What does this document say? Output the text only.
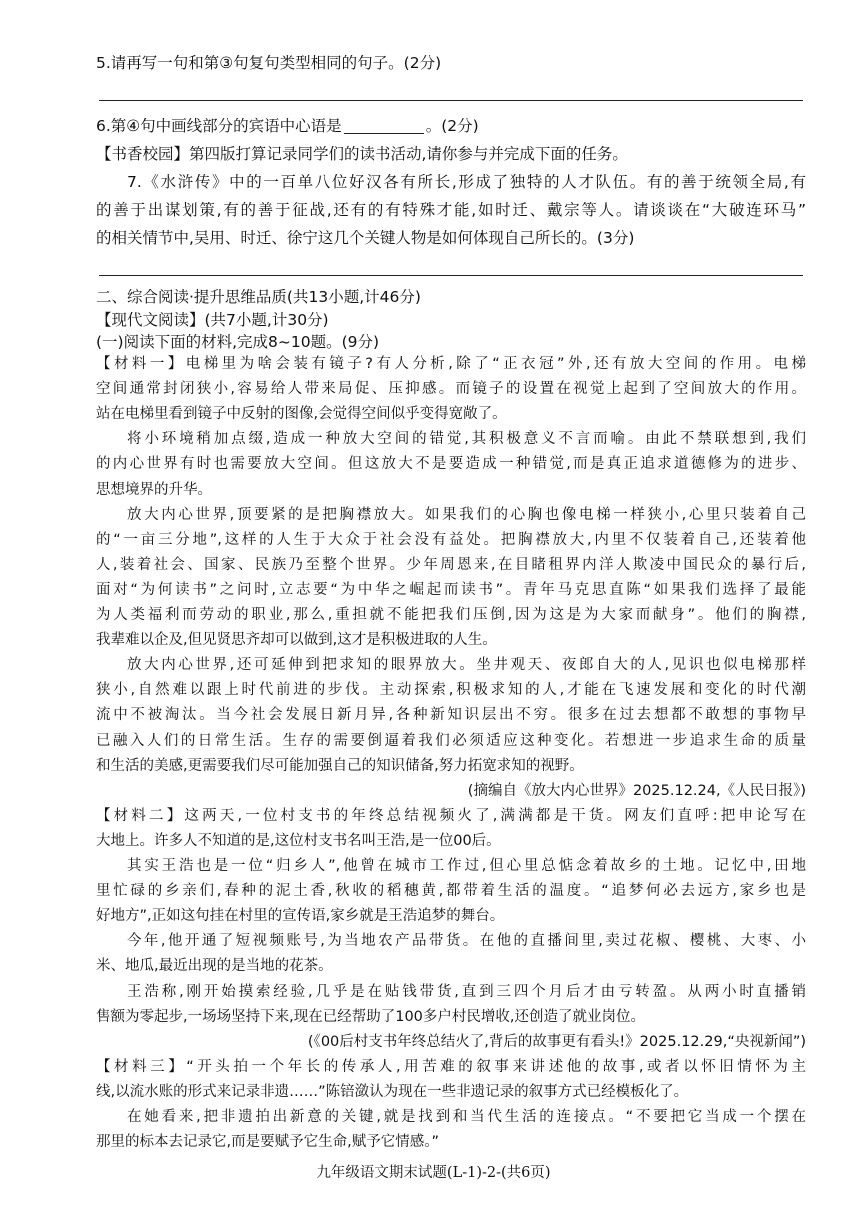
5.请再写一句和第③句复句类型相同的句子。(2分)
6.第④句中画线部分的宾语中心语是	。(2分)
【书香校园】第四版打算记录同学们的读书活动,请你参与并完成下面的任务。
7.《水浒传》中的一百单八位好汉各有所长,形成了独特的人才队伍。有的善于统领全局,有
的善于出谋划策,有的善于征战,还有的有特殊才能,如时迁、戴宗等人。请谈谈在“大破连环马”
的相关情节中,吴用、时迁、徐宁这几个关键人物是如何体现自己所长的。(3分)
二、综合阅读·提升思维品质(共13小题,计46分)
【现代文阅读】(共7小题,计30分)
(一)阅读下面的材料,完成8~10题。(9分)
【材料一】电梯里为啥会装有镜子?有人分析,除了“正衣冠”外,还有放大空间的作用。电梯
空间通常封闭狭小,容易给人带来局促、压抑感。而镜子的设置在视觉上起到了空间放大的作用。
站在电梯里看到镜子中反射的图像,会觉得空间似乎变得宽敞了。
将小环境稍加点缀,造成一种放大空间的错觉,其积极意义不言而喻。由此不禁联想到,我们
的内心世界有时也需要放大空间。但这放大不是要造成一种错觉,而是真正追求道德修为的进步、
思想境界的升华。
放大内心世界,顶要紧的是把胸襟放大。如果我们的心胸也像电梯一样狭小,心里只装着自己
的“一亩三分地”,这样的人生于大众于社会没有益处。把胸襟放大,内里不仅装着自己,还装着他
人,装着社会、国家、民族乃至整个世界。少年周恩来,在目睹租界内洋人欺凌中国民众的暴行后,
面对“为何读书”之问时,立志要“为中华之崛起而读书”。青年马克思直陈“如果我们选择了最能
为人类福利而劳动的职业,那么,重担就不能把我们压倒,因为这是为大家而献身”。他们的胸襟,
我辈难以企及,但见贤思齐却可以做到,这才是积极进取的人生。
放大内心世界,还可延伸到把求知的眼界放大。坐井观天、夜郎自大的人,见识也似电梯那样
狭小,自然难以跟上时代前进的步伐。主动探索,积极求知的人,才能在飞速发展和变化的时代潮
流中不被淘汰。当今社会发展日新月异,各种新知识层出不穷。很多在过去想都不敢想的事物早
已融入人们的日常生活。生存的需要倒逼着我们必须适应这种变化。若想进一步追求生命的质量
和生活的美感,更需要我们尽可能加强自己的知识储备,努力拓宽求知的视野。
(摘编自《放大内心世界》2025.12.24,《人民日报》)
【材料二】这两天,一位村支书的年终总结视频火了,满满都是干货。网友们直呼:把申论写在
大地上。许多人不知道的是,这位村支书名叫王浩,是一位00后。
其实王浩也是一位“归乡人”,他曾在城市工作过,但心里总惦念着故乡的土地。记忆中,田地
里忙碌的乡亲们,春种的泥土香,秋收的稻穗黄,都带着生活的温度。“追梦何必去远方,家乡也是
好地方”,正如这句挂在村里的宣传语,家乡就是王浩追梦的舞台。
今年,他开通了短视频账号,为当地农产品带货。在他的直播间里,卖过花椒、樱桃、大枣、小
米、地瓜,最近出现的是当地的花茶。
王浩称,刚开始摸索经验,几乎是在贴钱带货,直到三四个月后才由亏转盈。从两小时直播销
售额为零起步,一场场坚持下来,现在已经帮助了100多户村民增收,还创造了就业岗位。
(《00后村支书年终总结火了,背后的故事更有看头!》2025.12.29,“央视新闻”)
【材料三】“开头拍一个年长的传承人,用苦难的叙事来讲述他的故事,或者以怀旧情怀为主
线,以流水账的形式来记录非遗……”陈锫潋认为现在一些非遗记录的叙事方式已经模板化了。
在她看来,把非遗拍出新意的关键,就是找到和当代生活的连接点。“不要把它当成一个摆在
那里的标本去记录它,而是要赋予它生命,赋予它情感。”
九年级语文期末试题(L-1)-2-(共6页)
